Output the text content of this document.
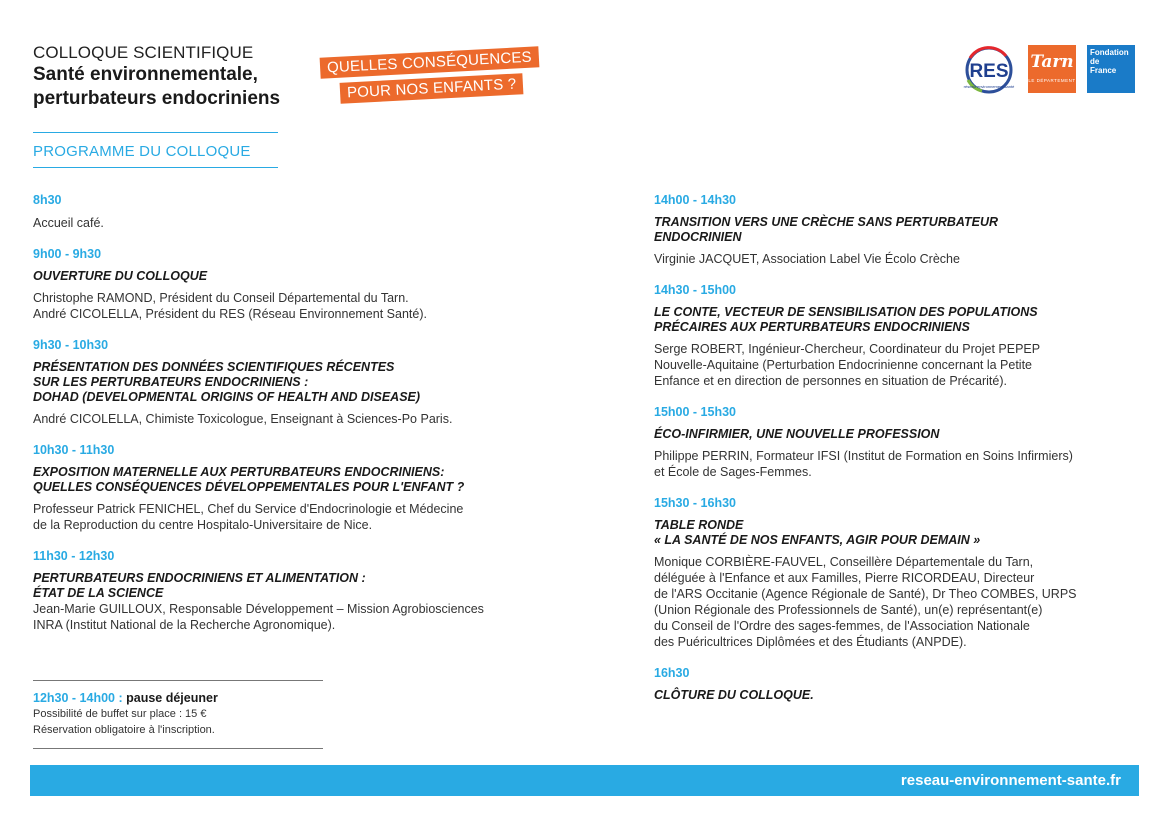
COLLOQUE SCIENTIFIQUE
Santé environnementale,
perturbateurs endocriniens
QUELLES CONSÉQUENCES
POUR NOS ENFANTS ?
RES
réseau environnement santé
Tarn
LE DÉPARTEMENT
Fondation
de
France
PROGRAMME DU COLLOQUE
8h30
Accueil café.
9h00 - 9h30
OUVERTURE DU COLLOQUE
Christophe RAMOND, Président du Conseil Départemental du Tarn.
André CICOLELLA, Président du RES (Réseau Environnement Santé).
9h30 - 10h30
PRÉSENTATION DES DONNÉES SCIENTIFIQUES RÉCENTES
SUR LES PERTURBATEURS ENDOCRINIENS :
DOHAD (DEVELOPMENTAL ORIGINS OF HEALTH AND DISEASE)
André CICOLELLA, Chimiste Toxicologue, Enseignant à Sciences-Po Paris.
10h30 - 11h30
EXPOSITION MATERNELLE AUX PERTURBATEURS ENDOCRINIENS:
QUELLES CONSÉQUENCES DÉVELOPPEMENTALES POUR L'ENFANT ?
Professeur Patrick FENICHEL, Chef du Service d'Endocrinologie et Médecine
de la Reproduction du centre Hospitalo-Universitaire de Nice.
11h30 - 12h30
PERTURBATEURS ENDOCRINIENS ET ALIMENTATION :
ÉTAT DE LA SCIENCE
Jean-Marie GUILLOUX, Responsable Développement – Mission Agrobiosciences
INRA (Institut National de la Recherche Agronomique).
12h30 - 14h00 : pause déjeuner
Possibilité de buffet sur place : 15 €
Réservation obligatoire à l'inscription.
14h00 - 14h30
TRANSITION VERS UNE CRÈCHE SANS PERTURBATEUR
ENDOCRINIEN
Virginie JACQUET, Association Label Vie Écolo Crèche
14h30 - 15h00
LE CONTE, VECTEUR DE SENSIBILISATION DES POPULATIONS
PRÉCAIRES AUX PERTURBATEURS ENDOCRINIENS
Serge ROBERT, Ingénieur-Chercheur, Coordinateur du Projet PEPEP
Nouvelle-Aquitaine (Perturbation Endocrinienne concernant la Petite
Enfance et en direction de personnes en situation de Précarité).
15h00 - 15h30
ÉCO-INFIRMIER, UNE NOUVELLE PROFESSION
Philippe PERRIN, Formateur IFSI (Institut de Formation en Soins Infirmiers)
et École de Sages-Femmes.
15h30 - 16h30
TABLE RONDE
« LA SANTÉ DE NOS ENFANTS, AGIR POUR DEMAIN »
Monique CORBIÈRE-FAUVEL, Conseillère Départementale du Tarn,
déléguée à l'Enfance et aux Familles, Pierre RICORDEAU, Directeur
de l'ARS Occitanie (Agence Régionale de Santé), Dr Theo COMBES, URPS
(Union Régionale des Professionnels de Santé), un(e) représentant(e)
du Conseil de l'Ordre des sages-femmes, de l'Association Nationale
des Puéricultrices Diplômées et des Étudiants (ANPDE).
16h30
CLÔTURE DU COLLOQUE.
reseau-environnement-sante.fr
